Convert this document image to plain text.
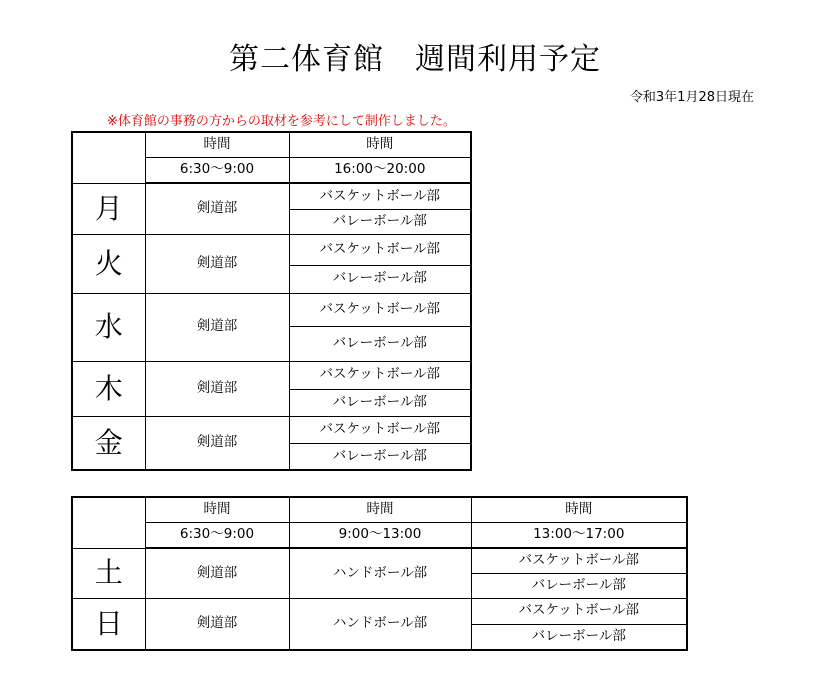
第二体育館　週間利用予定
令和3年1月28日現在
※体育館の事務の方からの取材を参考にして制作しました。
	時間	時間
	6:30～9:00	16:00～20:00
月	剣道部	バスケットボール部
		バレーボール部
火	剣道部	バスケットボール部
		バレーボール部
水	剣道部	バスケットボール部
		バレーボール部
木	剣道部	バスケットボール部
		バレーボール部
金	剣道部	バスケットボール部
		バレーボール部
	時間	時間	時間
	6:30～9:00	9:00～13:00	13:00～17:00
土	剣道部	ハンドボール部	バスケットボール部
			バレーボール部
日	剣道部	ハンドボール部	バスケットボール部
			バレーボール部
